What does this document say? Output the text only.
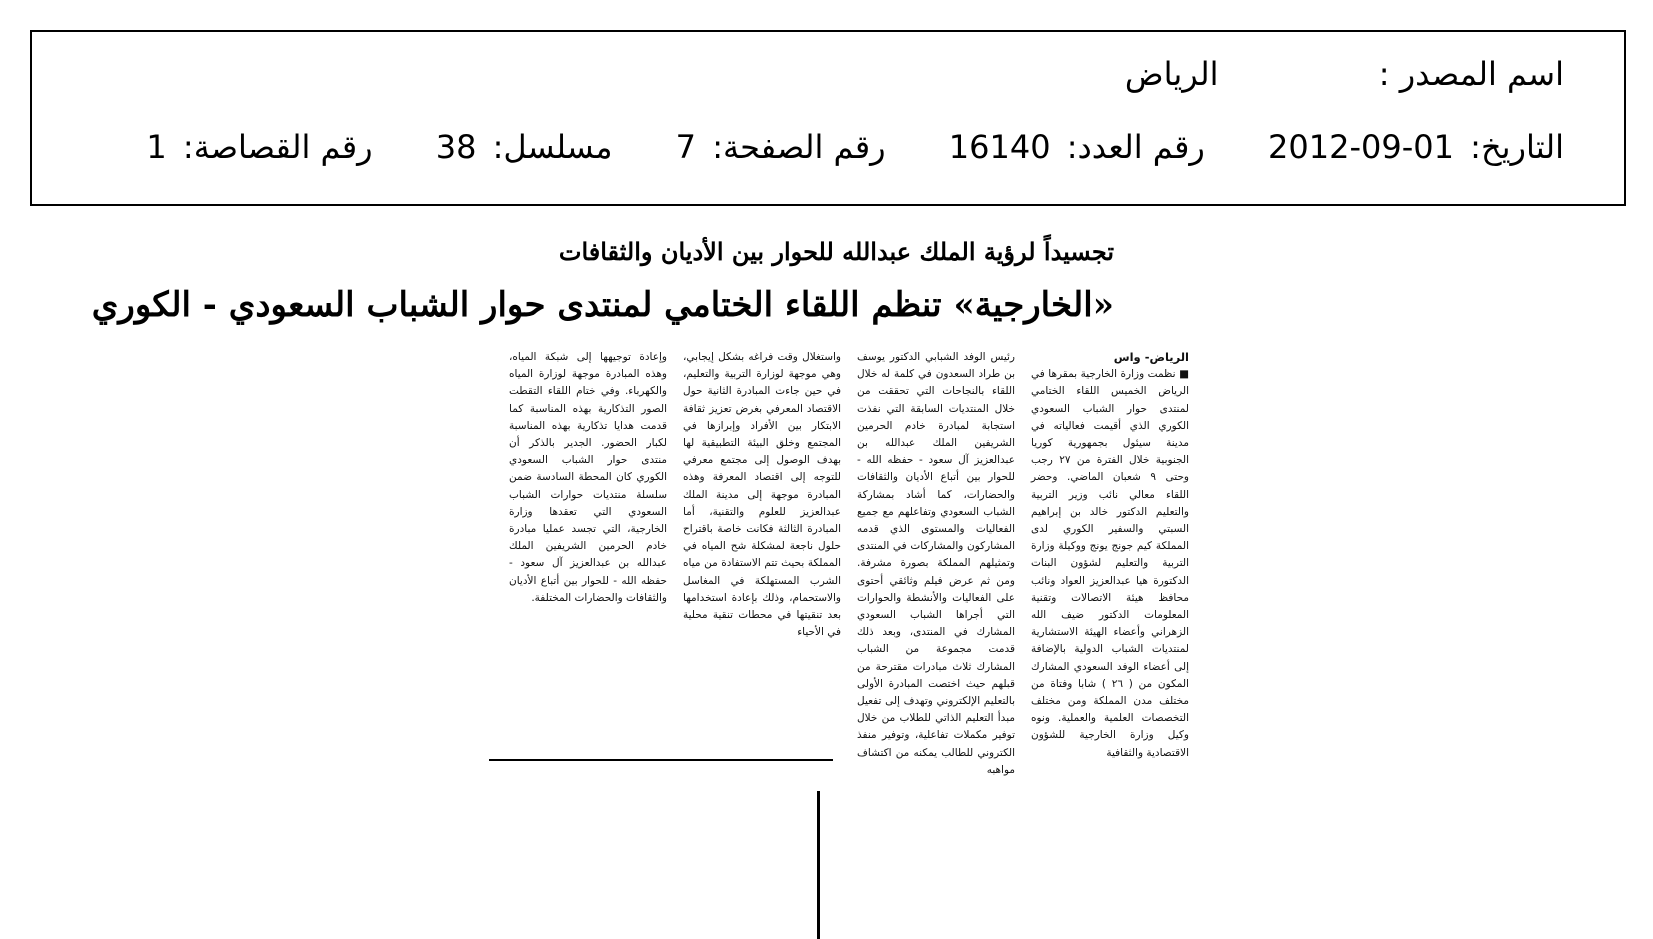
اسم المصدر : الرياض
التاريخ: 2012-09-01 رقم العدد: 16140 رقم الصفحة: 7 مسلسل: 38 رقم القصاصة: 1
تجسيداً لرؤية الملك عبدالله للحوار بين الأديان والثقافات
«الخارجية» تنظم اللقاء الختامي لمنتدى حوار الشباب السعودي - الكوري
الرياض- واس
■ نظمت وزارة الخارجية بمقرها في الرياض الخميس اللقاء الختامي لمنتدى حوار الشباب السعودي الكوري الذي أقيمت فعالياته في مدينة سيئول بجمهورية كوريا الجنوبية خلال الفترة من ٢٧ رجب وحتى ٩ شعبان الماضي. وحضر اللقاء معالي نائب وزير التربية والتعليم الدكتور خالد بن إبراهيم السبتي والسفير الكوري لدى المملكة كيم جونج يونج ووكيلة وزارة التربية والتعليم لشؤون البنات الدكتورة هيا عبدالعزيز العواد ونائب محافظ هيئة الاتصالات وتقنية المعلومات الدكتور ضيف الله الزهراني وأعضاء الهيئة الاستشارية لمنتديات الشباب الدولية بالإضافة إلى أعضاء الوفد السعودي المشارك المكون من ( ٢٦ ) شابا وفتاة من مختلف مدن المملكة ومن مختلف التخصصات العلمية والعملية. ونوه وكيل وزارة الخارجية للشؤون الاقتصادية والثقافية
رئيس الوفد الشبابي الدكتور يوسف بن طراد السعدون في كلمة له خلال اللقاء بالنجاحات التي تحققت من خلال المنتديات السابقة التي نفذت استجابة لمبادرة خادم الحرمين الشريفين الملك عبدالله بن عبدالعزيز آل سعود - حفظه الله - للحوار بين أتباع الأديان والثقافات والحضارات، كما أشاد بمشاركة الشباب السعودي وتفاعلهم مع جميع الفعاليات والمستوى الذي قدمه المشاركون والمشاركات في المنتدى وتمثيلهم المملكة بصورة مشرفة. ومن ثم عرض فيلم وثائقي أحتوى على الفعاليات والأنشطة والحوارات التي أجراها الشباب السعودي المشارك في المنتدى، وبعد ذلك قدمت مجموعة من الشباب المشارك ثلاث مبادرات مقترحة من قبلهم حيث اختصت المبادرة الأولى بالتعليم الإلكتروني وتهدف إلى تفعيل مبدأ التعليم الذاتي للطلاب من خلال توفير مكملات تفاعلية، وتوفير منفذ الكتروني للطالب يمكنه من اكتشاف مواهبه
واستغلال وقت فراغه بشكل إيجابي، وهي موجهة لوزارة التربية والتعليم، في حين جاءت المبادرة الثانية حول الاقتصاد المعرفي بغرض تعزيز ثقافة الابتكار بين الأفراد وإبرازها في المجتمع وخلق البيئة التطبيقية لها بهدف الوصول إلى مجتمع معرفي للتوجه إلى اقتصاد المعرفة وهذه المبادرة موجهة إلى مدينة الملك عبدالعزيز للعلوم والتقنية، أما المبادرة الثالثة فكانت خاصة باقتراح حلول ناجعة لمشكلة شح المياه في المملكة بحيث تتم الاستفادة من مياه الشرب المستهلكة في المغاسل والاستحمام، وذلك بإعادة استخدامها بعد تنقيتها في محطات تنقية محلية في الأحياء
وإعادة توجيهها إلى شبكة المياه، وهذه المبادرة موجهة لوزارة المياه والكهرباء. وفي ختام اللقاء التقطت الصور التذكارية بهذه المناسبة كما قدمت هدايا تذكارية بهذه المناسبة لكبار الحضور. الجدير بالذكر أن منتدى حوار الشباب السعودي الكوري كان المحطة السادسة ضمن سلسلة منتديات حوارات الشباب السعودي التي تعقدها وزارة الخارجية، التي تجسد عمليا مبادرة خادم الحرمين الشريفين الملك عبدالله بن عبدالعزيز آل سعود - حفظه الله - للحوار بين أتباع الأديان والثقافات والحضارات المختلفة.
